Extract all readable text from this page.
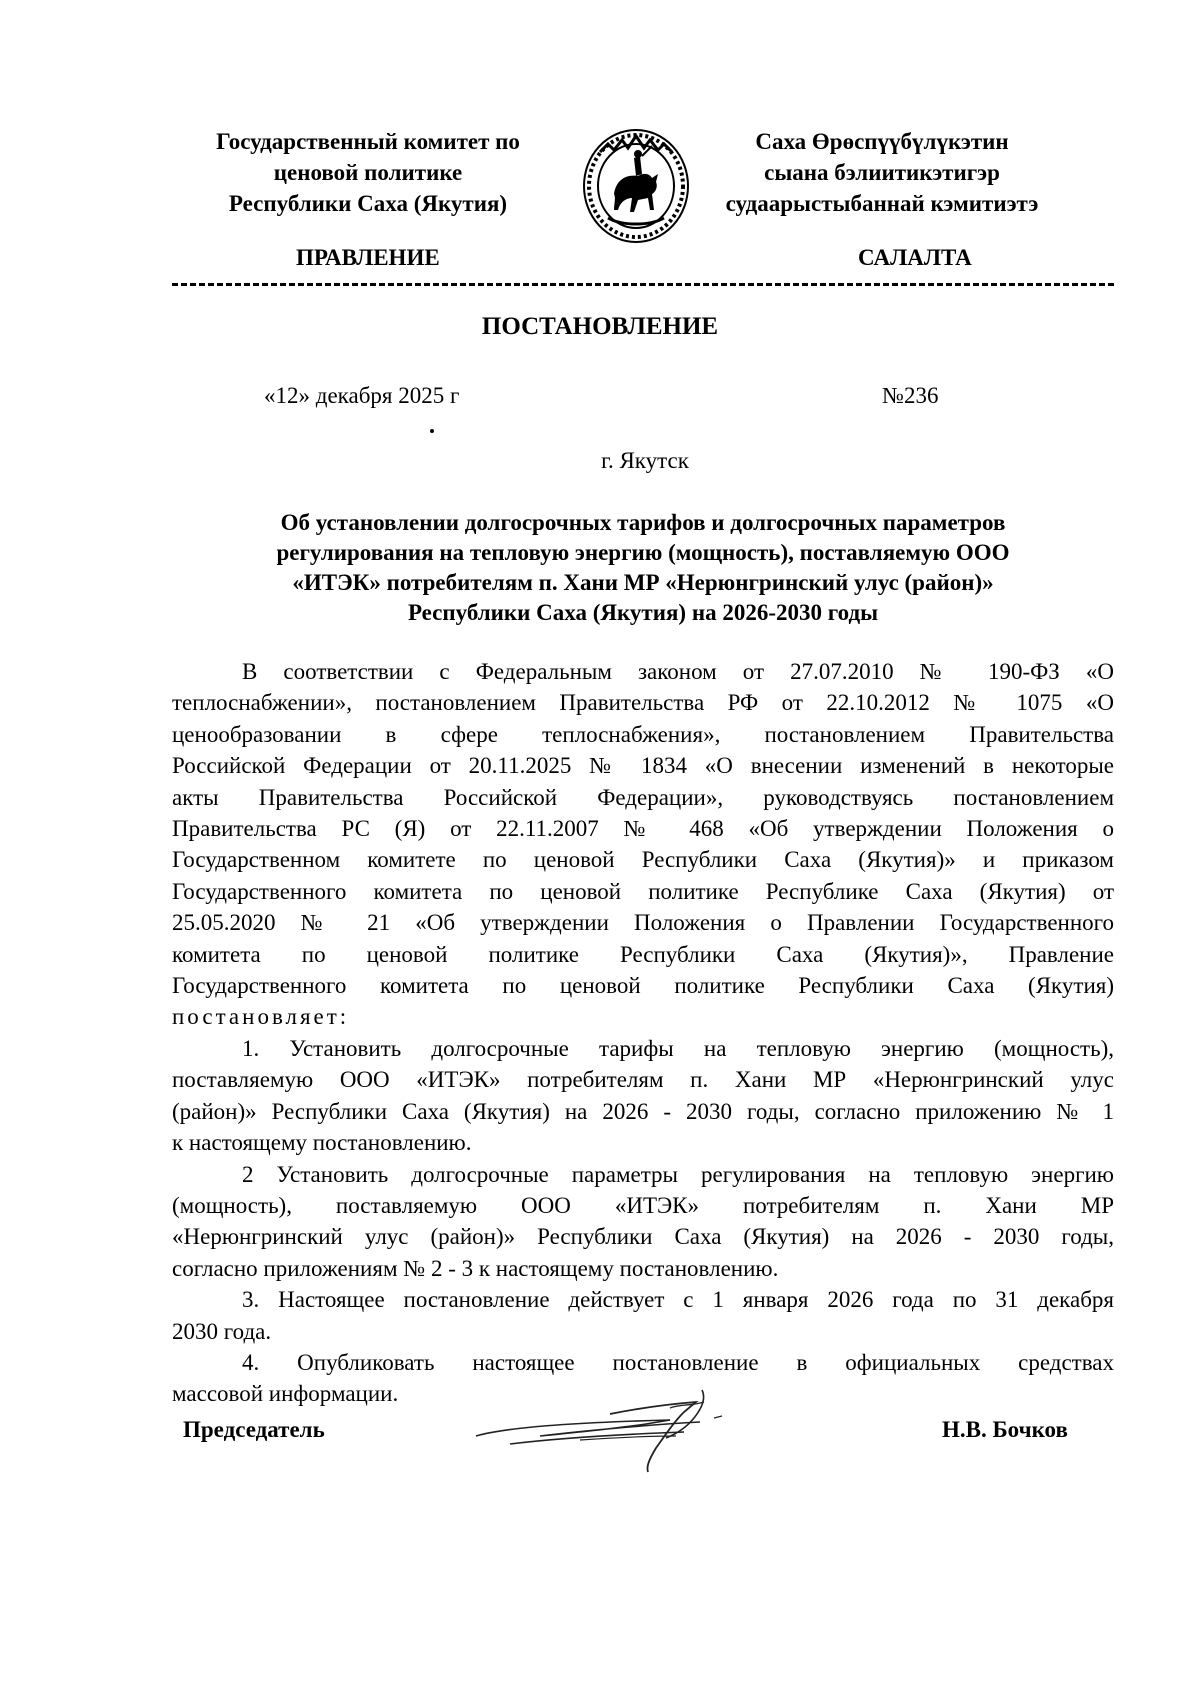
Государственный комитет по
ценовой политике
Республики Саха (Якутия)
Саха Өрөспүүбүлүкэтин
сыана бэлиитикэтигэр
судаарыстыбаннай кэмитиэтэ
ПРАВЛЕНИЕ	САЛАЛТА
ПОСТАНОВЛЕНИЕ
«12» декабря 2025 г	№236
г. Якутск
Об установлении долгосрочных тарифов и долгосрочных параметров
регулирования на тепловую энергию (мощность), поставляемую ООО
«ИТЭК» потребителям п. Хани МР «Нерюнгринский улус (район)»
Республики Саха (Якутия) на 2026-2030 годы
В соответствии с Федеральным законом от 27.07.2010 № 190-ФЗ «О
теплоснабжении», постановлением Правительства РФ от 22.10.2012 № 1075 «О
ценообразовании в сфере теплоснабжения», постановлением Правительства
Российской Федерации от 20.11.2025 № 1834 «О внесении изменений в некоторые
акты Правительства Российской Федерации», руководствуясь постановлением
Правительства РС (Я) от 22.11.2007 № 468 «Об утверждении Положения о
Государственном комитете по ценовой Республики Саха (Якутия)» и приказом
Государственного комитета по ценовой политике Республике Саха (Якутия) от
25.05.2020 № 21 «Об утверждении Положения о Правлении Государственного
комитета по ценовой политике Республики Саха (Якутия)», Правление
Государственного комитета по ценовой политике Республики Саха (Якутия)
постановляет:
1. Установить долгосрочные тарифы на тепловую энергию (мощность),
поставляемую ООО «ИТЭК» потребителям п. Хани МР «Нерюнгринский улус
(район)» Республики Саха (Якутия) на 2026 - 2030 годы, согласно приложению № 1
к настоящему постановлению.
2 Установить долгосрочные параметры регулирования на тепловую энергию
(мощность), поставляемую ООО «ИТЭК» потребителям п. Хани МР
«Нерюнгринский улус (район)» Республики Саха (Якутия) на 2026 - 2030 годы,
согласно приложениям № 2 - 3 к настоящему постановлению.
3. Настоящее постановление действует с 1 января 2026 года по 31 декабря
2030 года.
4. Опубликовать настоящее постановление в официальных средствах
массовой информации.
Председатель	Н.В. Бочков
